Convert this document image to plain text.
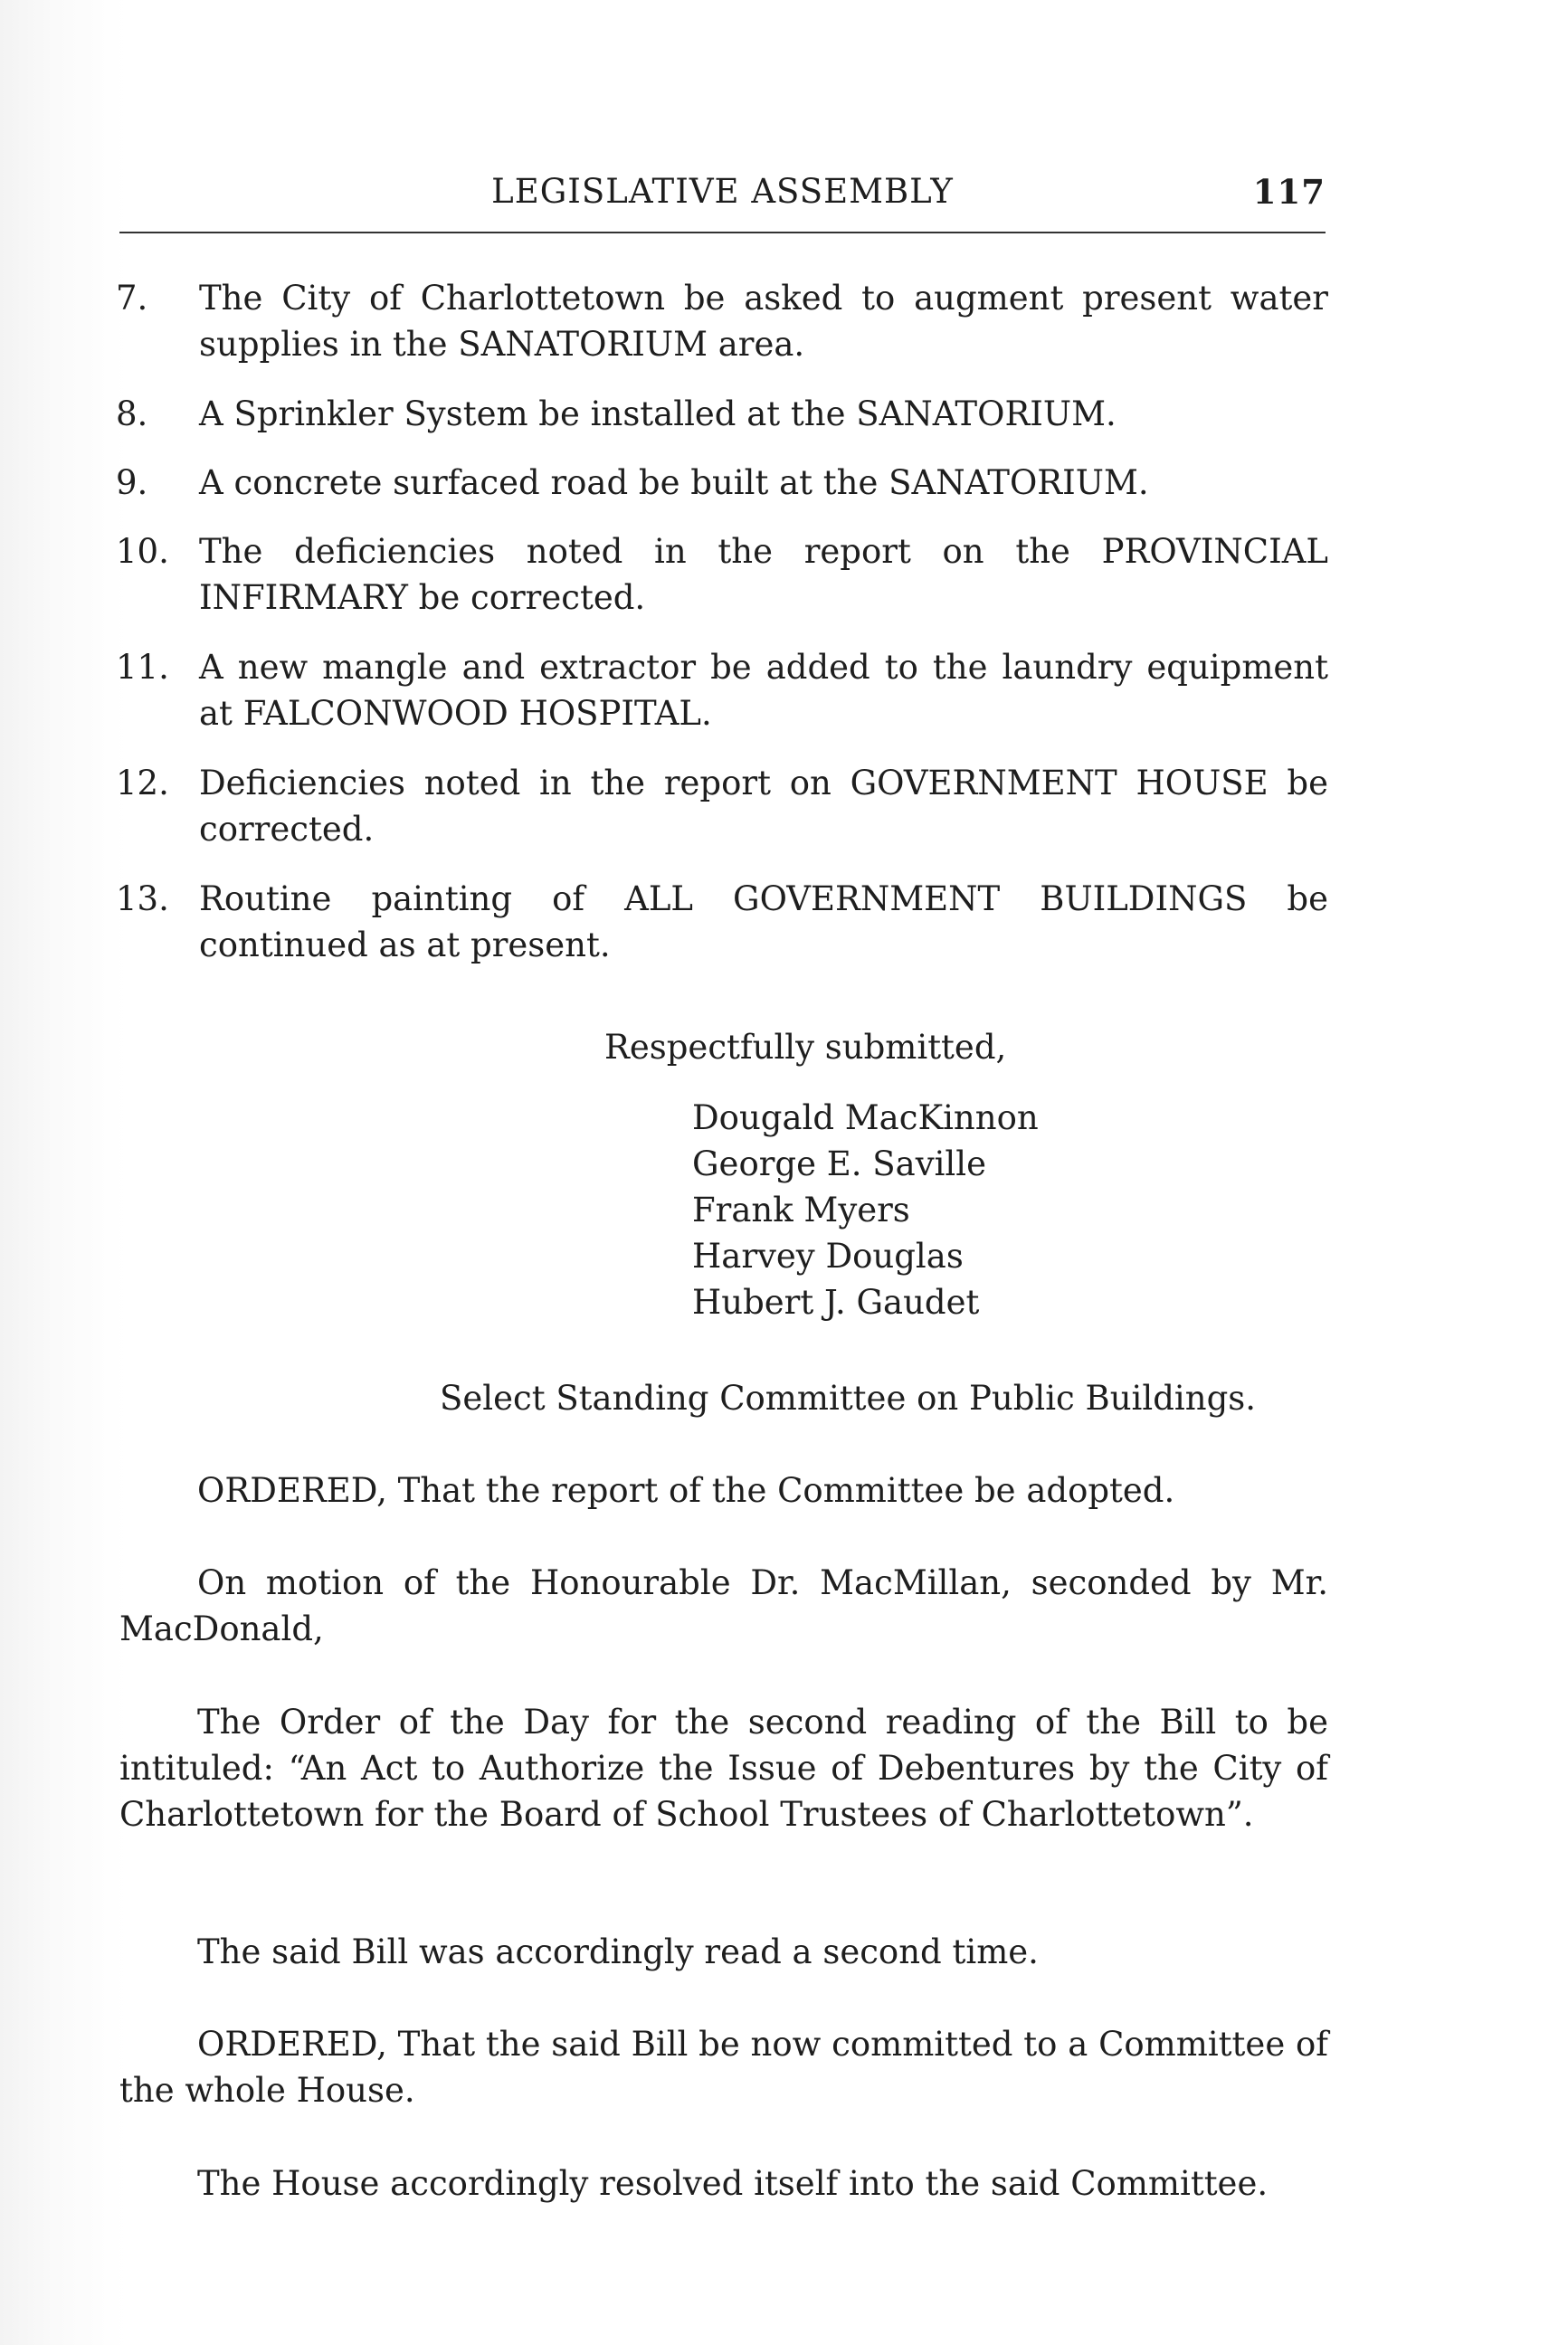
LEGISLATIVE ASSEMBLY	117
7.	The City of Charlottetown be asked to augment present water supplies in the SANATORIUM area.
8.	A Sprinkler System be installed at the SANATORIUM.
9.	A concrete surfaced road be built at the SANATORIUM.
10. The deficiencies noted in the report on the PROVINCIAL INFIRMARY be corrected.
11. A new mangle and extractor be added to the laundry equipment at FALCONWOOD HOSPITAL.
12. Deficiencies noted in the report on GOVERNMENT HOUSE be corrected.
13. Routine painting of ALL GOVERNMENT BUILDINGS be continued as at present.
Respectfully submitted,
Dougald MacKinnon
George E. Saville
Frank Myers
Harvey Douglas
Hubert J. Gaudet
Select Standing Committee on Public Buildings.
ORDERED, That the report of the Committee be adopted.
On motion of the Honourable Dr. MacMillan, seconded by Mr. MacDonald,
The Order of the Day for the second reading of the Bill to be intituled: “An Act to Authorize the Issue of Debentures by the City of Charlottetown for the Board of School Trustees of Charlottetown”.
The said Bill was accordingly read a second time.
ORDERED, That the said Bill be now committed to a Committee of the whole House.
The House accordingly resolved itself into the said Committee.
